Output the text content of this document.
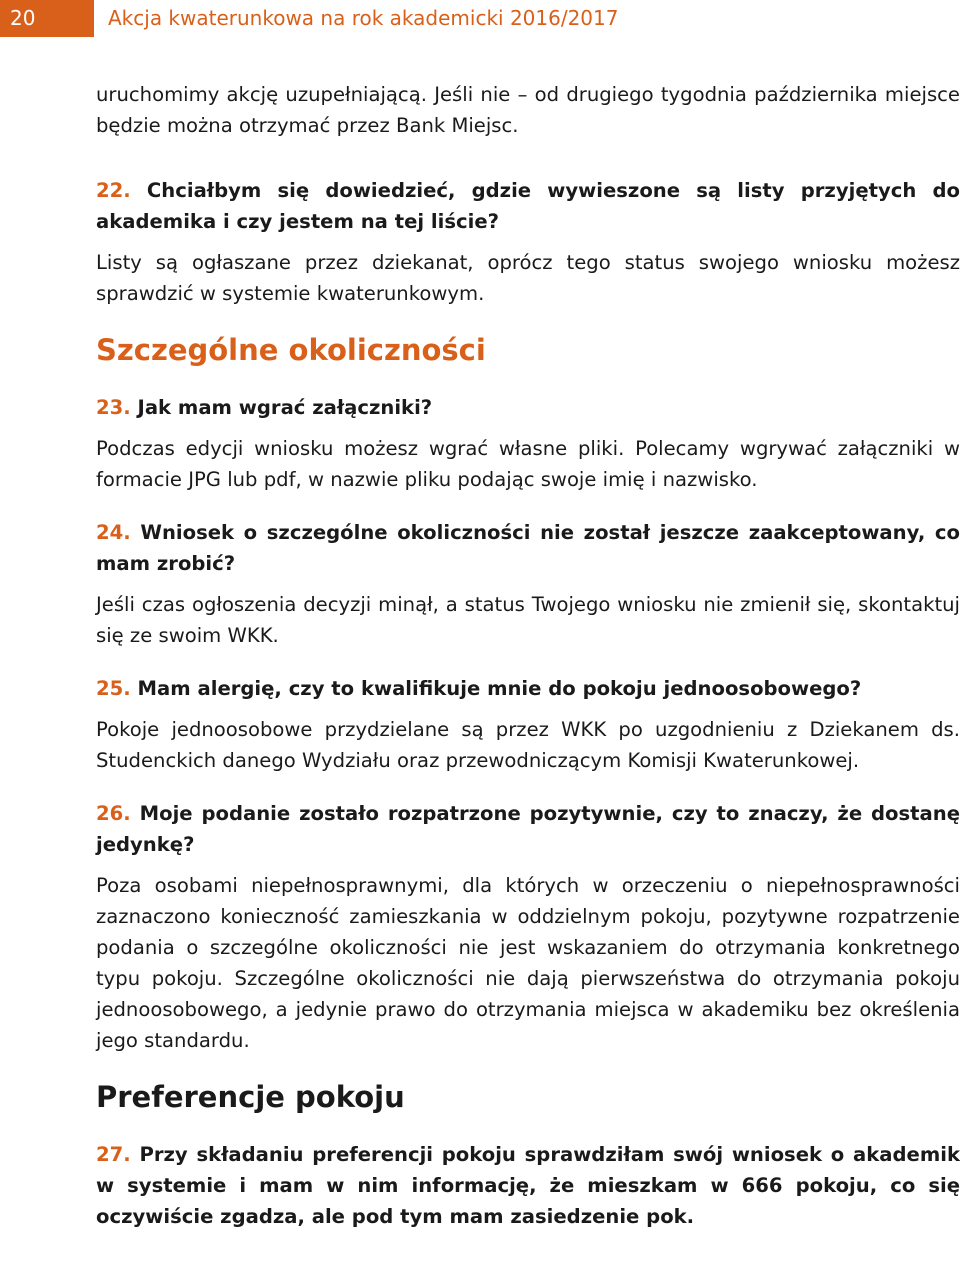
20	Akcja kwaterunkowa na rok akademicki 2016/2017

uruchomimy akcję uzupełniającą. Jeśli nie – od drugiego tygodnia października miejsce będzie można otrzymać przez Bank Miejsc.

22. Chciałbym się dowiedzieć, gdzie wywieszone są listy przyjętych do akademika i czy jestem na tej liście?

Listy są ogłaszane przez dziekanat, oprócz tego status swojego wniosku możesz sprawdzić w systemie kwaterunkowym.

Szczególne okoliczności
23. Jak mam wgrać załączniki?

Podczas edycji wniosku możesz wgrać własne pliki. Polecamy wgrywać załączniki w formacie JPG lub pdf, w nazwie pliku podając swoje imię i nazwisko.

24. Wniosek o szczególne okoliczności nie został jeszcze zaakceptowany, co mam zrobić?

Jeśli czas ogłoszenia decyzji minął, a status Twojego wniosku nie zmienił się, skontaktuj się ze swoim WKK.

25. Mam alergię, czy to kwalifikuje mnie do pokoju jednoosobowego?

Pokoje jednoosobowe przydzielane są przez WKK po uzgodnieniu z Dziekanem ds. Studenckich danego Wydziału oraz przewodniczącym Komisji Kwaterunkowej.

26. Moje podanie zostało rozpatrzone pozytywnie, czy to znaczy, że dostanę jedynkę?

Poza osobami niepełnosprawnymi, dla których w orzeczeniu o niepełnosprawności zaznaczono konieczność zamieszkania w oddzielnym pokoju, pozytywne rozpatrzenie podania o szczególne okoliczności nie jest wskazaniem do otrzymania konkretnego typu pokoju. Szczególne okoliczności nie dają pierwszeństwa do otrzymania pokoju jednoosobowego, a jedynie prawo do otrzymania miejsca w akademiku bez określenia jego standardu.

Preferencje pokoju
27. Przy składaniu preferencji pokoju sprawdziłam swój wniosek o akademik w systemie i mam w nim informację, że mieszkam w 666 pokoju, co się oczywiście zgadza, ale pod tym mam zasiedzenie pok.
